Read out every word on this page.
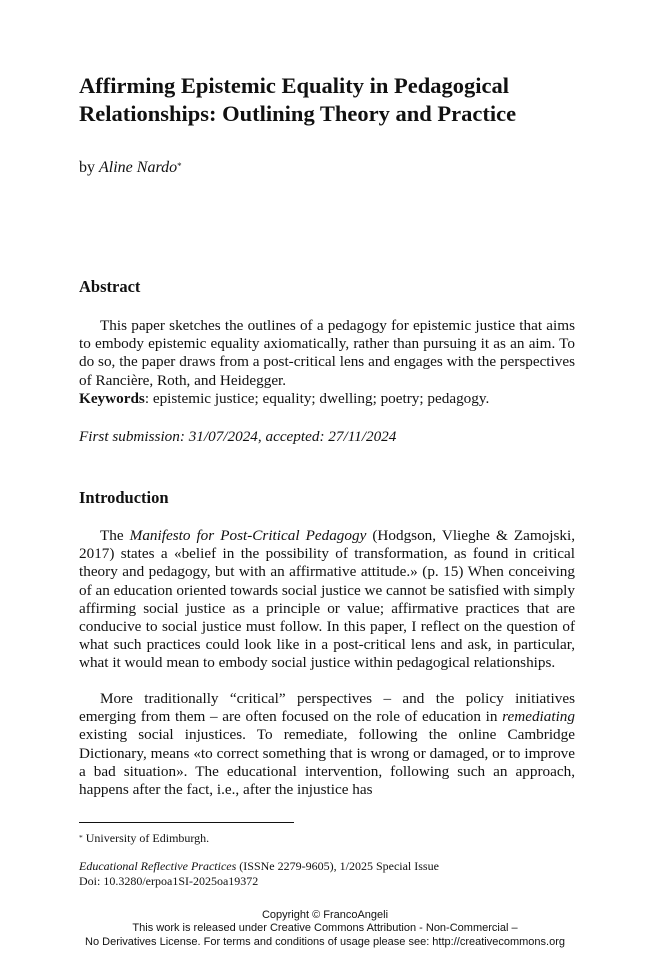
Affirming Epistemic Equality in Pedagogical Relationships: Outlining Theory and Practice
by Aline Nardo*
Abstract

This paper sketches the outlines of a pedagogy for epistemic justice that aims to embody epistemic equality axiomatically, rather than pursuing it as an aim. To do so, the paper draws from a post-critical lens and engages with the perspectives of Rancière, Roth, and Heidegger.

Keywords: epistemic justice; equality; dwelling; poetry; pedagogy.

First submission: 31/07/2024, accepted: 27/11/2024

Introduction

The Manifesto for Post-Critical Pedagogy (Hodgson, Vlieghe & Zamojski, 2017) states a «belief in the possibility of transformation, as found in critical theory and pedagogy, but with an affirmative attitude.» (p. 15) When conceiving of an education oriented towards social justice we cannot be satisfied with simply affirming social justice as a principle or value; affirmative practices that are conducive to social justice must follow. In this paper, I reflect on the question of what such practices could look like in a post-critical lens and ask, in particular, what it would mean to embody social justice within pedagogical relationships.

More traditionally “critical” perspectives – and the policy initiatives emerging from them – are often focused on the role of education in remediating existing social injustices. To remediate, following the online Cambridge Dictionary, means «to correct something that is wrong or damaged, or to improve a bad situation». The educational intervention, following such an approach, happens after the fact, i.e., after the injustice has

* University of Edimburgh.

Educational Reflective Practices (ISSNe 2279-9605), 1/2025 Special Issue
Doi: 10.3280/erpoa1SI-2025oa19372

Copyright © FrancoAngeli
This work is released under Creative Commons Attribution - Non-Commercial –
No Derivatives License. For terms and conditions of usage please see: http://creativecommons.org
